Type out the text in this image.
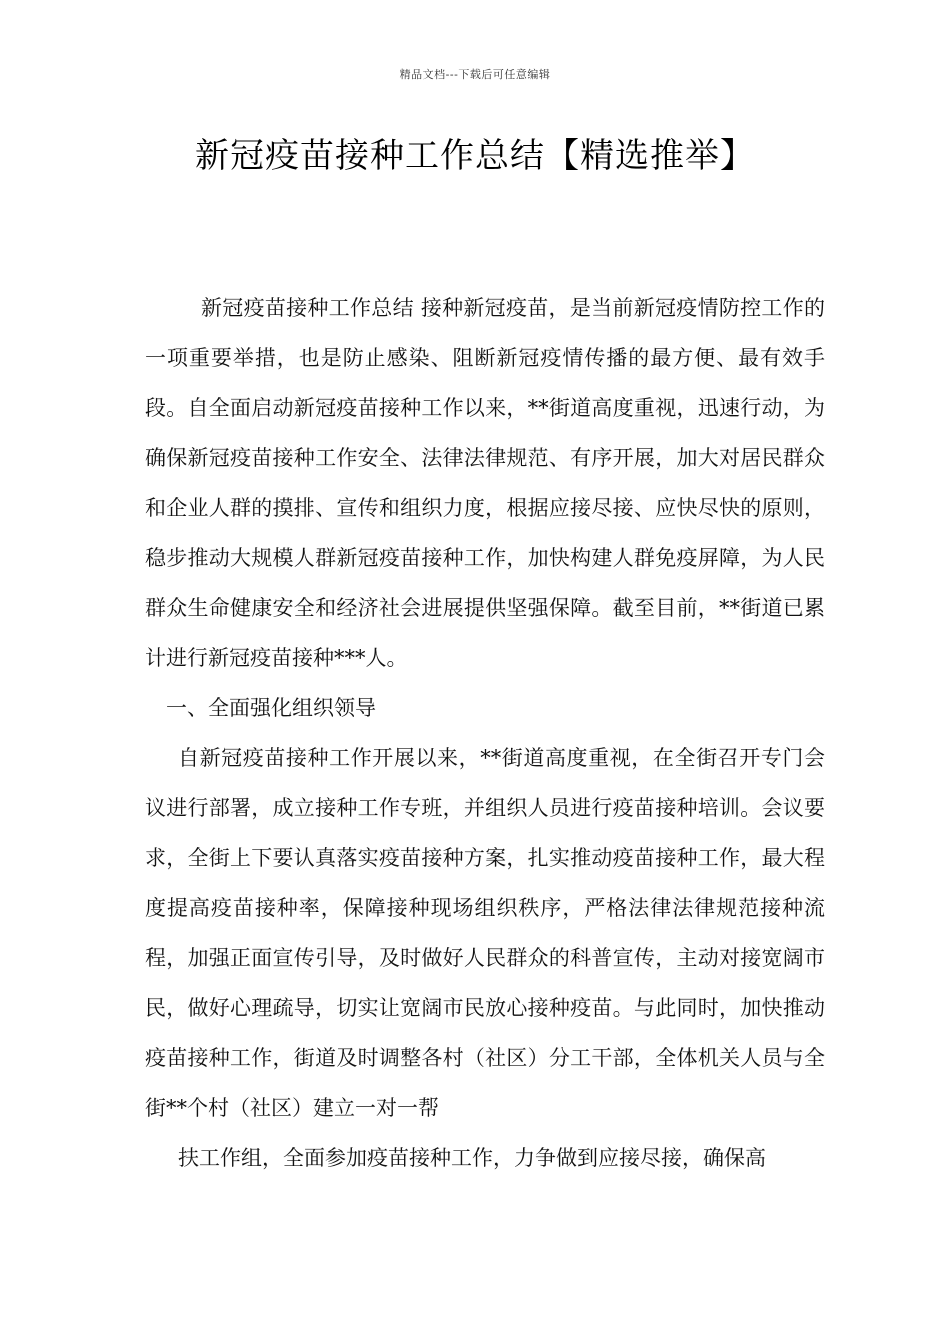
精品文档---下载后可任意编辑
新冠疫苗接种工作总结【精选推举】

新冠疫苗接种工作总结 接种新冠疫苗，是当前新冠疫情防控工作的一项重要举措，也是防止感染、阻断新冠疫情传播的最方便、最有效手段。自全面启动新冠疫苗接种工作以来，**街道高度重视，迅速行动，为确保新冠疫苗接种工作安全、法律法律规范、有序开展，加大对居民群众和企业人群的摸排、宣传和组织力度，根据应接尽接、应快尽快的原则，稳步推动大规模人群新冠疫苗接种工作，加快构建人群免疫屏障，为人民群众生命健康安全和经济社会进展提供坚强保障。截至目前，**街道已累计进行新冠疫苗接种***人。

一、全面强化组织领导

自新冠疫苗接种工作开展以来，**街道高度重视，在全街召开专门会议进行部署，成立接种工作专班，并组织人员进行疫苗接种培训。会议要求，全街上下要认真落实疫苗接种方案，扎实推动疫苗接种工作，最大程度提高疫苗接种率，保障接种现场组织秩序，严格法律法律规范接种流程，加强正面宣传引导，及时做好人民群众的科普宣传，主动对接宽阔市民，做好心理疏导，切实让宽阔市民放心接种疫苗。与此同时，加快推动疫苗接种工作，街道及时调整各村（社区）分工干部，全体机关人员与全街**个村（社区）建立一对一帮

扶工作组，全面参加疫苗接种工作，力争做到应接尽接，确保高
